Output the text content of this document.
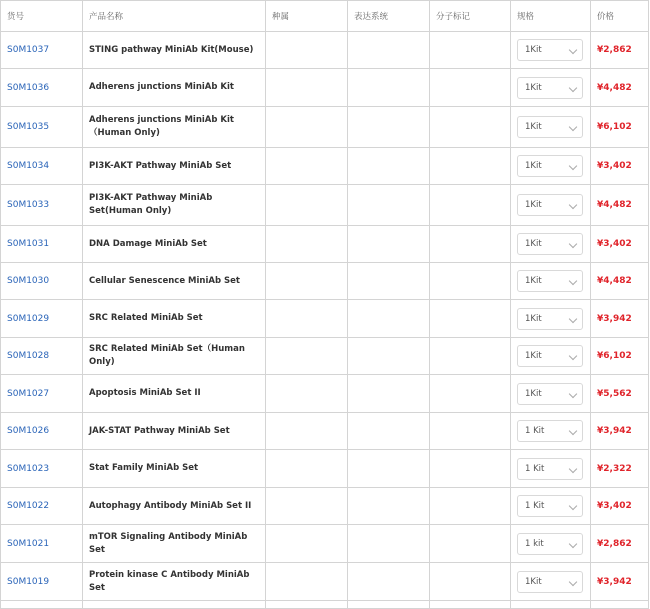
货号	产品名称	种属	表达系统	分子标记	规格	价格
S0M1037	STING pathway MiniAb Kit(Mouse)				1Kit	¥2,862
S0M1036	Adherens junctions MiniAb Kit				1Kit	¥4,482
S0M1035	Adherens junctions MiniAb Kit （Human Only)				1Kit	¥6,102
S0M1034	PI3K-AKT Pathway MiniAb Set				1Kit	¥3,402
S0M1033	PI3K-AKT Pathway MiniAb Set(Human Only)				1Kit	¥4,482
S0M1031	DNA Damage MiniAb Set				1Kit	¥3,402
S0M1030	Cellular Senescence MiniAb Set				1Kit	¥4,482
S0M1029	SRC Related MiniAb Set				1Kit	¥3,942
S0M1028	SRC Related MiniAb Set（Human Only)				1Kit	¥6,102
S0M1027	Apoptosis MiniAb Set II				1Kit	¥5,562
S0M1026	JAK-STAT Pathway MiniAb Set				1 Kit	¥3,942
S0M1023	Stat Family MiniAb Set				1 Kit	¥2,322
S0M1022	Autophagy Antibody MiniAb Set II				1 Kit	¥3,402
S0M1021	mTOR Signaling Antibody MiniAb Set				1 kit	¥2,862
S0M1019	Protein kinase C Antibody MiniAb Set				1Kit	¥3,942
